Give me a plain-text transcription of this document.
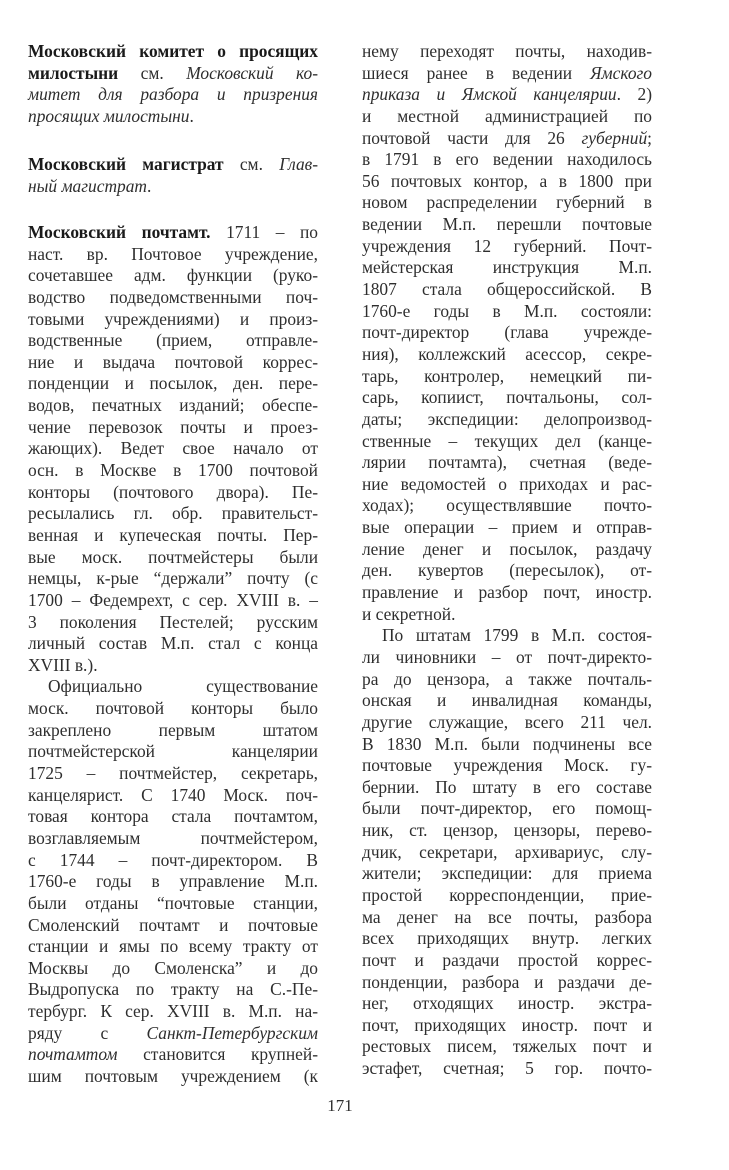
Московский комитет о просящих
милостыни см. Московский ко-
митет для разбора и призрения
просящих милостыни.
Московский магистрат см. Глав-
ный магистрат.
Московский почтамт. 1711 – по
наст. вр. Почтовое учреждение,
сочетавшее адм. функции (руко-
водство подведомственными поч-
товыми учреждениями) и произ-
водственные (прием, отправле-
ние и выдача почтовой коррес-
понденции и посылок, ден. пере-
водов, печатных изданий; обеспе-
чение перевозок почты и проез-
жающих). Ведет свое начало от
осн. в Москве в 1700 почтовой
конторы (почтового двора). Пе-
ресылались гл. обр. правительст-
венная и купеческая почты. Пер-
вые моск. почтмейстеры были
немцы, к-рые “держали” почту (с
1700 – Федемрехт, с сер. XVIII в. –
3 поколения Пестелей; русским
личный состав М.п. стал с конца
XVIII в.).
Официально существование
моск. почтовой конторы было
закреплено первым штатом
почтмейстерской канцелярии
1725 – почтмейстер, секретарь,
канцелярист. С 1740 Моск. поч-
товая контора стала почтамтом,
возглавляемым почтмейстером,
с 1744 – почт-директором. В
1760-е годы в управление М.п.
были отданы “почтовые станции,
Смоленский почтамт и почтовые
станции и ямы по всему тракту от
Москвы до Смоленска” и до
Выдропуска по тракту на С.-Пе-
тербург. К сер. XVIII в. М.п. на-
ряду с Санкт-Петербургским
почтамтом становится крупней-
шим почтовым учреждением (к
нему переходят почты, находив-
шиеся ранее в ведении Ямского
приказа и Ямской канцелярии. 2)
и местной администрацией по
почтовой части для 26 губерний;
в 1791 в его ведении находилось
56 почтовых контор, а в 1800 при
новом распределении губерний в
ведении М.п. перешли почтовые
учреждения 12 губерний. Почт-
мейстерская инструкция М.п.
1807 стала общероссийской. В
1760-е годы в М.п. состояли:
почт-директор (глава учрежде-
ния), коллежский асессор, секре-
тарь, контролер, немецкий пи-
сарь, копиист, почтальоны, сол-
даты; экспедиции: делопроизвод-
ственные – текущих дел (канце-
лярии почтамта), счетная (веде-
ние ведомостей о приходах и рас-
ходах); осуществлявшие почто-
вые операции – прием и отправ-
ление денег и посылок, раздачу
ден. кувертов (пересылок), от-
правление и разбор почт, иностр.
и секретной.
По штатам 1799 в М.п. состоя-
ли чиновники – от почт-директо-
ра до цензора, а также почталь-
онская и инвалидная команды,
другие служащие, всего 211 чел.
В 1830 М.п. были подчинены все
почтовые учреждения Моск. гу-
бернии. По штату в его составе
были почт-директор, его помощ-
ник, ст. цензор, цензоры, перево-
дчик, секретари, архивариус, слу-
жители; экспедиции: для приема
простой корреспонденции, прие-
ма денег на все почты, разбора
всех приходящих внутр. легких
почт и раздачи простой коррес-
понденции, разбора и раздачи де-
нег, отходящих иностр. экстра-
почт, приходящих иностр. почт и
рестовых писем, тяжелых почт и
эстафет, счетная; 5 гор. почто-
171
